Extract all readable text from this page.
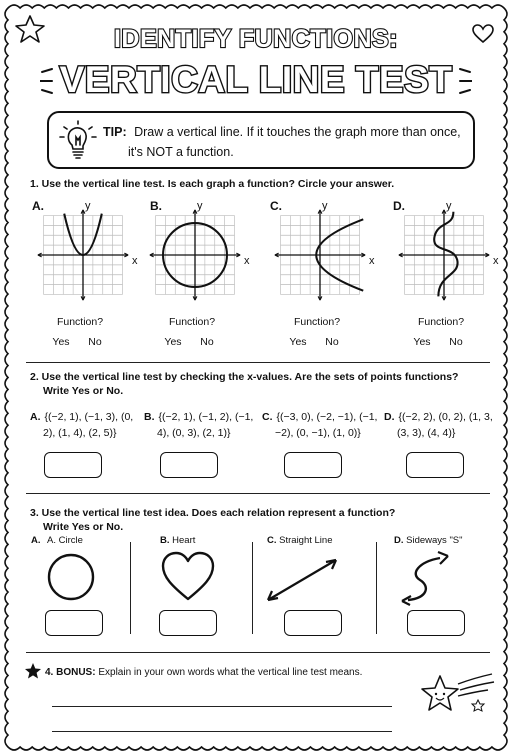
IDENTIFY FUNCTIONS:
VERTICAL LINE TEST
TIP: Draw a vertical line. If it touches the graph more than once,
it's NOT a function.
1. Use the vertical line test. Is each graph a function? Circle your answer.
A.	y
x
Function?
Yes	No
B.	y
x
Function?
Yes	No
C.	y
x
Function?
Yes	No
D.	y
x
Function?
Yes	No
2. Use the vertical line test by checking the x-values. Are the sets of points functions?
Write Yes or No.
A. {(−2, 1), (−1, 3), (0,
2), (1, 4), (2, 5)}
B. {(−2, 1), (−1, 2), (−1,
4), (0, 3), (2, 1)}
C. {(−3, 0), (−2, −1), (−1,
−2), (0, −1), (1, 0)}
D. {(−2, 2), (0, 2), (1, 3,
(3, 3), (4, 4)}
3. Use the vertical line test idea. Does each relation represent a function?
Write Yes or No.
A. A. Circle	B. Heart	C. Straight Line	D. Sideways "S"
4. BONUS: Explain in your own words what the vertical line test means.
